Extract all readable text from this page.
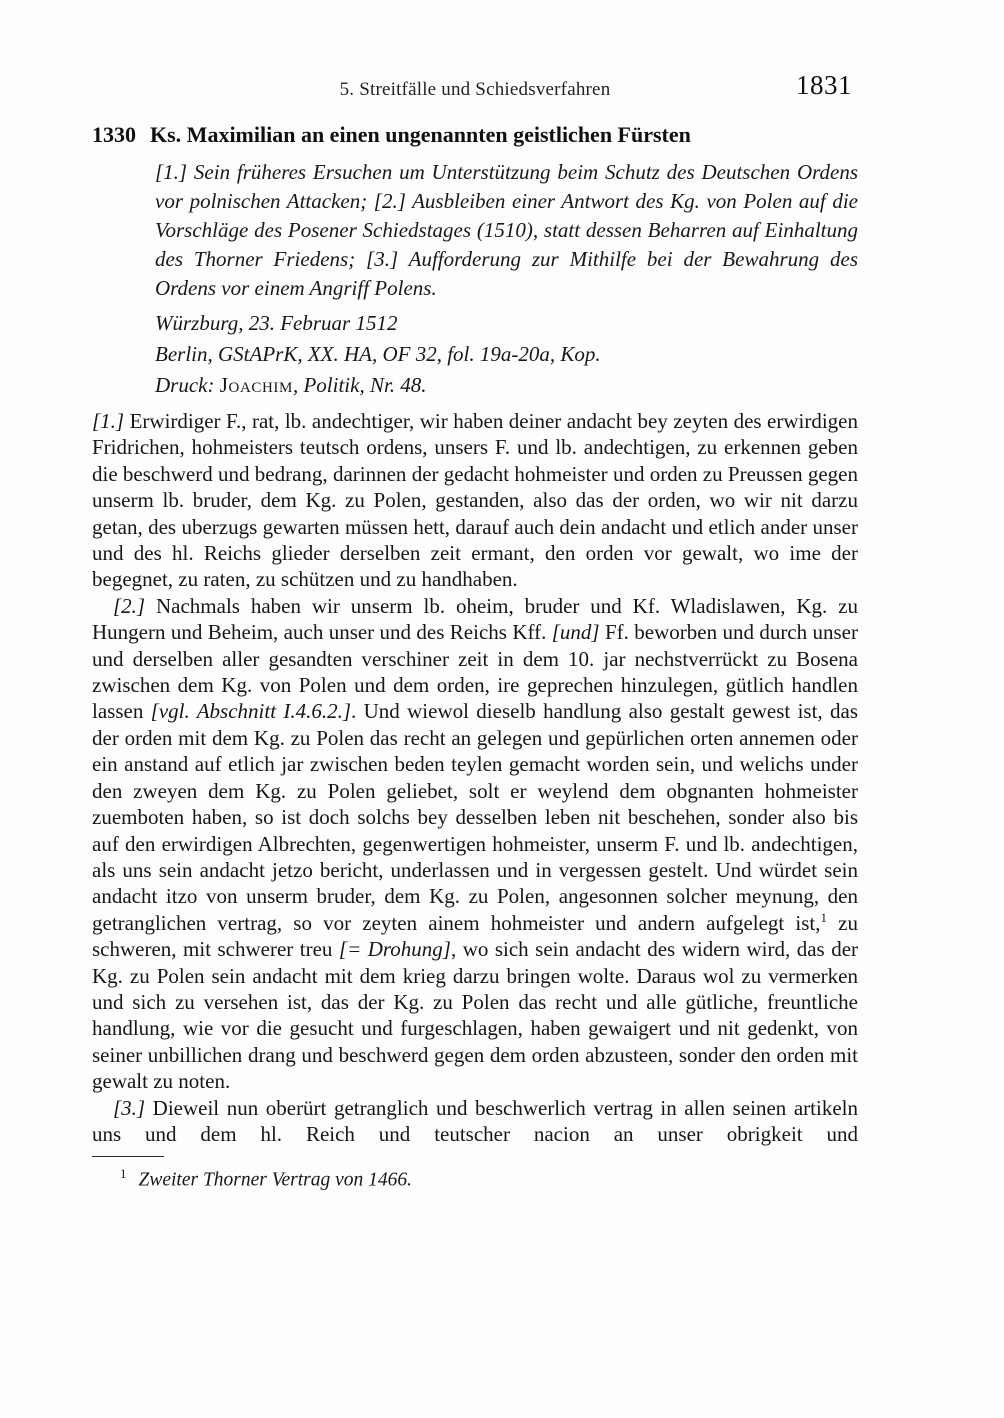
5. Streitfälle und Schiedsverfahren	1831
1330 Ks. Maximilian an einen ungenannten geistlichen Fürsten
[1.] Sein früheres Ersuchen um Unterstützung beim Schutz des Deutschen Ordens vor polnischen Attacken; [2.] Ausbleiben einer Antwort des Kg. von Polen auf die Vorschläge des Posener Schiedstages (1510), statt dessen Beharren auf Einhaltung des Thorner Friedens; [3.] Aufforderung zur Mithilfe bei der Bewahrung des Ordens vor einem Angriff Polens.
Würzburg, 23. Februar 1512
Berlin, GStAPrK, XX. HA, OF 32, fol. 19a-20a, Kop.
Druck: Joachim, Politik, Nr. 48.

[1.] Erwirdiger F., rat, lb. andechtiger, wir haben deiner andacht bey zeyten des erwirdigen Fridrichen, hohmeisters teutsch ordens, unsers F. und lb. andechtigen, zu erkennen geben die beschwerd und bedrang, darinnen der gedacht hohmeister und orden zu Preussen gegen unserm lb. bruder, dem Kg. zu Polen, gestanden, also das der orden, wo wir nit darzu getan, des uberzugs gewarten müssen hett, darauf auch dein andacht und etlich ander unser und des hl. Reichs glieder derselben zeit ermant, den orden vor gewalt, wo ime der begegnet, zu raten, zu schützen und zu handhaben.

[2.] Nachmals haben wir unserm lb. oheim, bruder und Kf. Wladislawen, Kg. zu Hungern und Beheim, auch unser und des Reichs Kff. [und] Ff. beworben und durch unser und derselben aller gesandten verschiner zeit in dem 10. jar nechstverrückt zu Bosena zwischen dem Kg. von Polen und dem orden, ire geprechen hinzulegen, gütlich handlen lassen [vgl. Abschnitt I.4.6.2.]. Und wiewol dieselb handlung also gestalt gewest ist, das der orden mit dem Kg. zu Polen das recht an gelegen und gepürlichen orten annemen oder ein anstand auf etlich jar zwischen beden teylen gemacht worden sein, und welichs under den zweyen dem Kg. zu Polen geliebet, solt er weylend dem obgnanten hohmeister zuemboten haben, so ist doch solchs bey desselben leben nit beschehen, sonder also bis auf den erwirdigen Albrechten, gegenwertigen hohmeister, unserm F. und lb. andechtigen, als uns sein andacht jetzo bericht, underlassen und in vergessen gestelt. Und würdet sein andacht itzo von unserm bruder, dem Kg. zu Polen, angesonnen solcher meynung, den getranglichen vertrag, so vor zeyten ainem hohmeister und andern aufgelegt ist,$^1$ zu schweren, mit schwerer treu [= Drohung], wo sich sein andacht des widern wird, das der Kg. zu Polen sein andacht mit dem krieg darzu bringen wolte. Daraus wol zu vermerken und sich zu versehen ist, das der Kg. zu Polen das recht und alle gütliche, freuntliche handlung, wie vor die gesucht und furgeschlagen, haben gewaigert und nit gedenkt, von seiner unbillichen drang und beschwerd gegen dem orden abzusteen, sonder den orden mit gewalt zu noten.

[3.] Dieweil nun oberürt getranglich und beschwerlich vertrag in allen seinen artikeln uns und dem hl. Reich und teutscher nacion an unser obrigkeit und

$^1$ Zweiter Thorner Vertrag von 1466.
